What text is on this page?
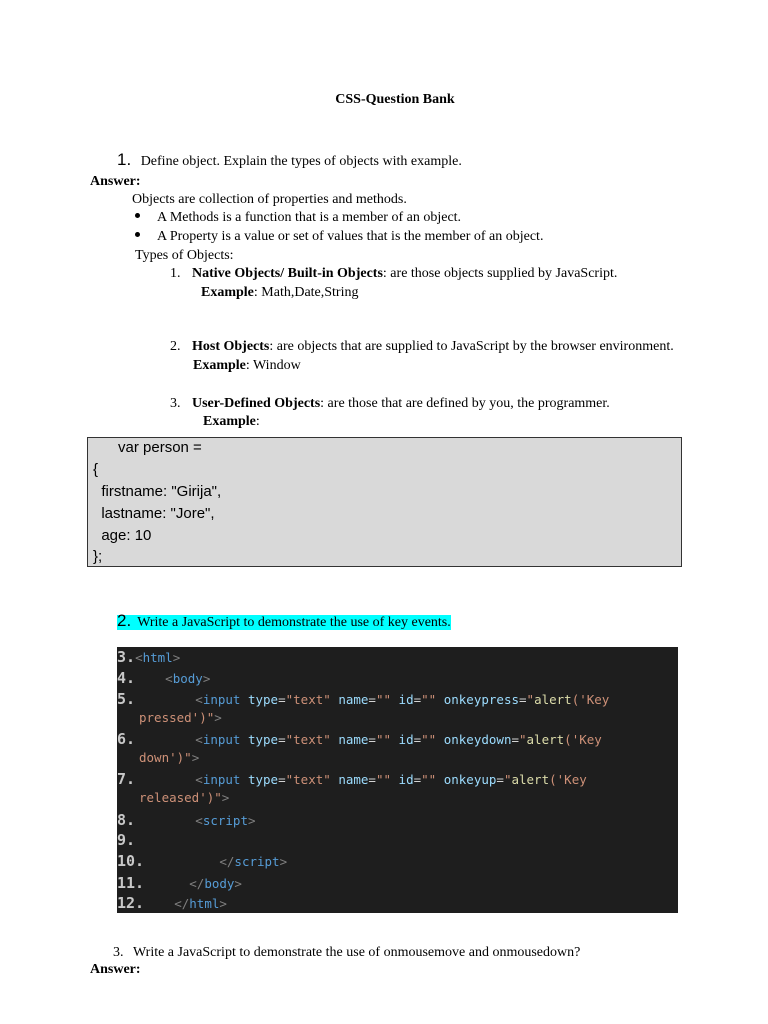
CSS-Question Bank
1. Define object. Explain the types of objects with example.
Answer:
Objects are collection of properties and methods.
A Methods is a function that is a member of an object.
A Property is a value or set of values that is the member of an object.
Types of Objects:
1. Native Objects/ Built-in Objects: are those objects supplied by JavaScript.
Example: Math,Date,String
2. Host Objects: are objects that are supplied to JavaScript by the browser environment.
Example: Window
3. User-Defined Objects: are those that are defined by you, the programmer.
Example:
var person =
{
firstname: "Girija",
lastname: "Jore",
age: 10
};
2. Write a JavaScript to demonstrate the use of key events.
3.<html>
4. <body>
5.	<input type="text" name="" id="" onkeypress="alert('Key
pressed')">
6.	<input type="text" name="" id="" onkeydown="alert('Key
down')">
7.	<input type="text" name="" id="" onkeyup="alert('Key
released')">
8.	<script>
9.
10.	</script>
11.	</body>
12. </html>
3. Write a JavaScript to demonstrate the use of onmousemove and onmousedown?
Answer:
